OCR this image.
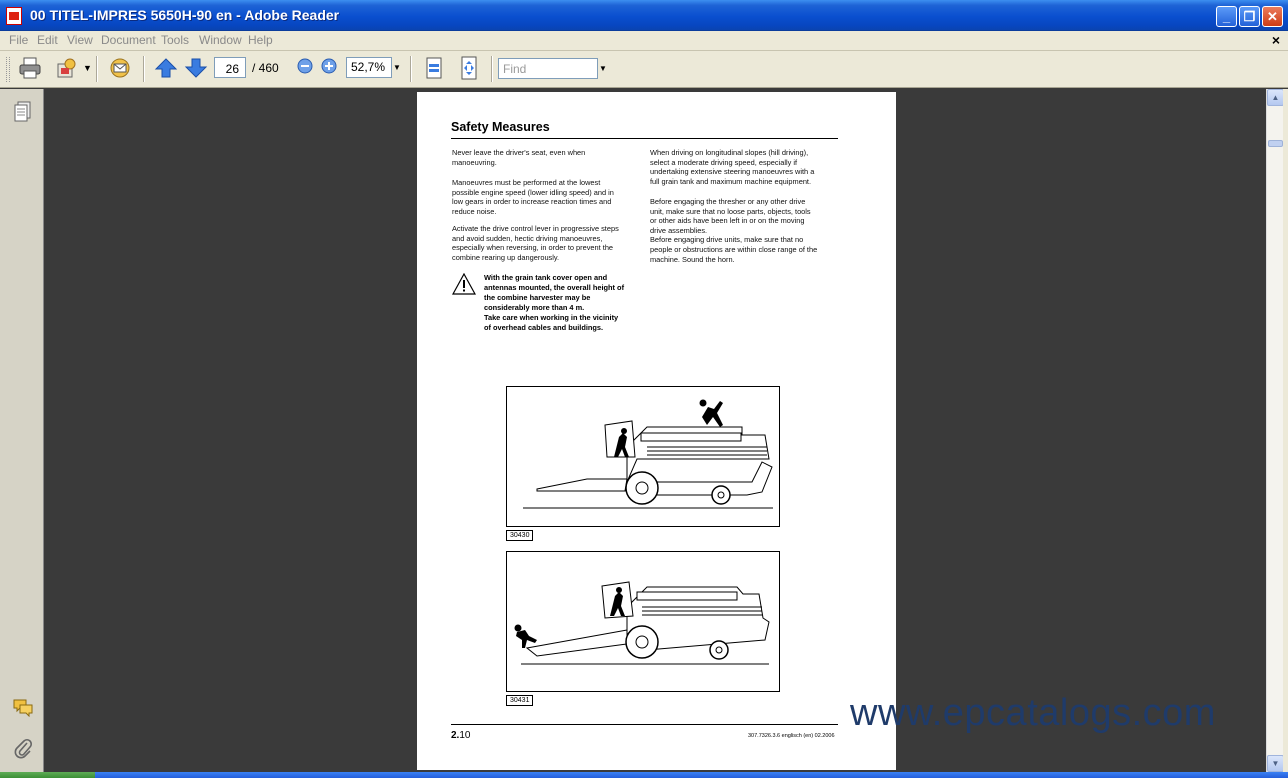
00 TITEL-IMPRES 5650H-90 en - Adobe Reader	_	❐ ✕
File Edit View Document Tools Window Help	×
▼
26	/ 460	52,7%	▼	Find	▼
Safety Measures
Never leave the driver's seat, even when
manoeuvring.
Manoeuvres must be performed at the lowest
possible engine speed (lower idling speed) and in
low gears in order to increase reaction times and
reduce noise.
Activate the drive control lever in progressive steps
and avoid sudden, hectic driving manoeuvres,
especially when reversing, in order to prevent the
combine rearing up dangerously.
With the grain tank cover open and
antennas mounted, the overall height of
the combine harvester may be
considerably more than 4 m.
Take care when working in the vicinity
of overhead cables and buildings.
When driving on longitudinal slopes (hill driving),
select a moderate driving speed, especially if
undertaking extensive steering manoeuvres with a
full grain tank and maximum machine equipment.
Before engaging the thresher or any other drive
unit, make sure that no loose parts, objects, tools
or other aids have been left in or on the moving
drive assemblies.
Before engaging drive units, make sure that no
people or obstructions are within close range of the
machine. Sound the horn.
30430
30431
2.10	307.7326.3.6 englisch (en) 02.2006
www.epcatalogs.com
▲
▼
